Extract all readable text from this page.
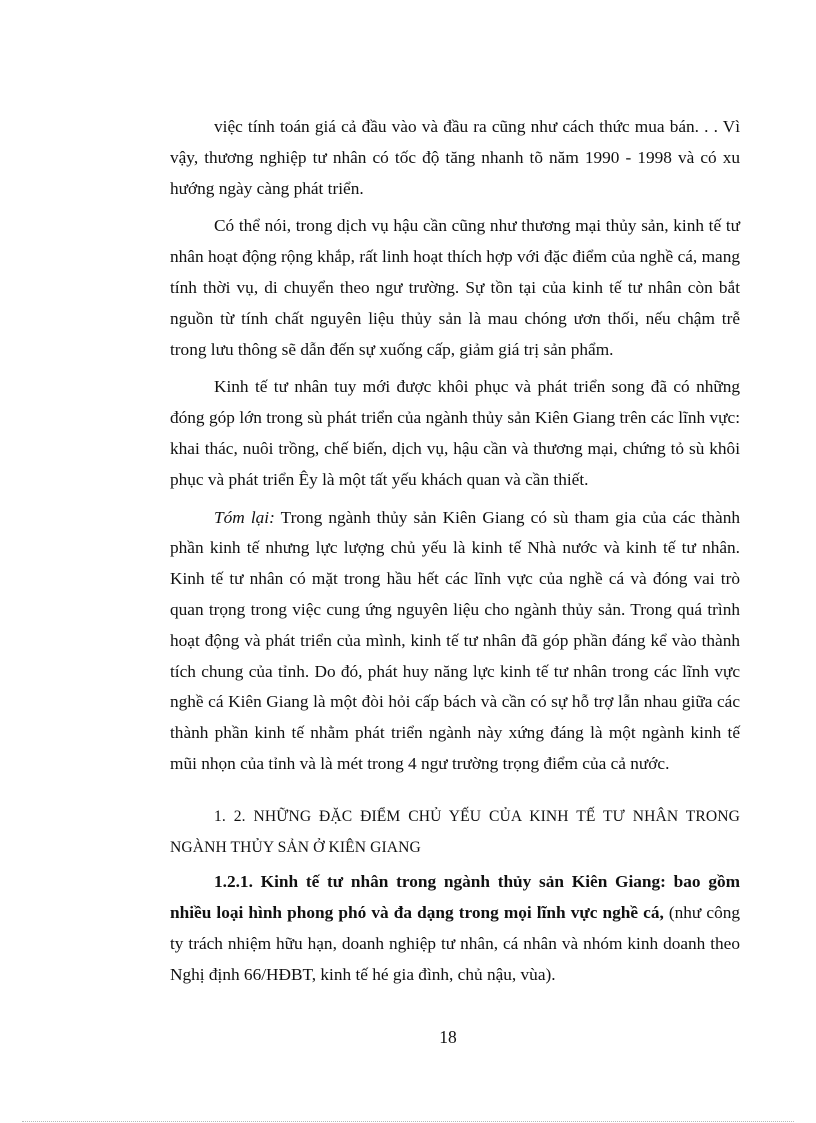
việc tính toán giá cả đầu vào và đầu ra cũng như cách thức mua bán. . . Vì vậy, thương nghiệp tư nhân có tốc độ tăng nhanh tõ năm 1990 - 1998 và có xu hướng ngày càng phát triển.

Có thể nói, trong dịch vụ hậu cần cũng như thương mại thủy sản, kinh tế tư nhân hoạt động rộng khắp, rất linh hoạt thích hợp với đặc điểm của nghề cá, mang tính thời vụ, di chuyển theo ngư trường. Sự tồn tại của kinh tế tư nhân còn bắt nguồn từ tính chất nguyên liệu thủy sản là mau chóng ươn thối, nếu chậm trễ trong lưu thông sẽ dẫn đến sự xuống cấp, giảm giá trị sản phẩm.

Kinh tế tư nhân tuy mới được khôi phục và phát triển song đã có những đóng góp lớn trong sù phát triển của ngành thủy sản Kiên Giang trên các lĩnh vực: khai thác, nuôi trồng, chế biến, dịch vụ, hậu cần và thương mại, chứng tỏ sù khôi phục và phát triển Êy là một tất yếu khách quan và cần thiết.

Tóm lại: Trong ngành thủy sản Kiên Giang có sù tham gia của các thành phần kinh tế nhưng lực lượng chủ yếu là kinh tế Nhà nước và kinh tế tư nhân. Kinh tế tư nhân có mặt trong hầu hết các lĩnh vực của nghề cá và đóng vai trò quan trọng trong việc cung ứng nguyên liệu cho ngành thủy sản. Trong quá trình hoạt động và phát triển của mình, kinh tế tư nhân đã góp phần đáng kể vào thành tích chung của tỉnh. Do đó, phát huy năng lực kinh tế tư nhân trong các lĩnh vực nghề cá Kiên Giang là một đòi hỏi cấp bách và cần có sự hỗ trợ lẫn nhau giữa các thành phần kinh tế nhằm phát triển ngành này xứng đáng là một ngành kinh tế mũi nhọn của tỉnh và là mét trong 4 ngư trường trọng điểm của cả nước.

1. 2. NHỮNG ĐẶC ĐIỂM CHỦ YẾU CỦA KINH TẾ TƯ NHÂN TRONG NGÀNH THỦY SẢN Ở KIÊN GIANG

1.2.1. Kinh tế tư nhân trong ngành thủy sản Kiên Giang: bao gồm nhiều loại hình phong phó và đa dạng trong mọi lĩnh vực nghề cá, (như công ty trách nhiệm hữu hạn, doanh nghiệp tư nhân, cá nhân và nhóm kinh doanh theo Nghị định 66/HĐBT, kinh tế hé gia đình, chủ nậu, vùa).

18
